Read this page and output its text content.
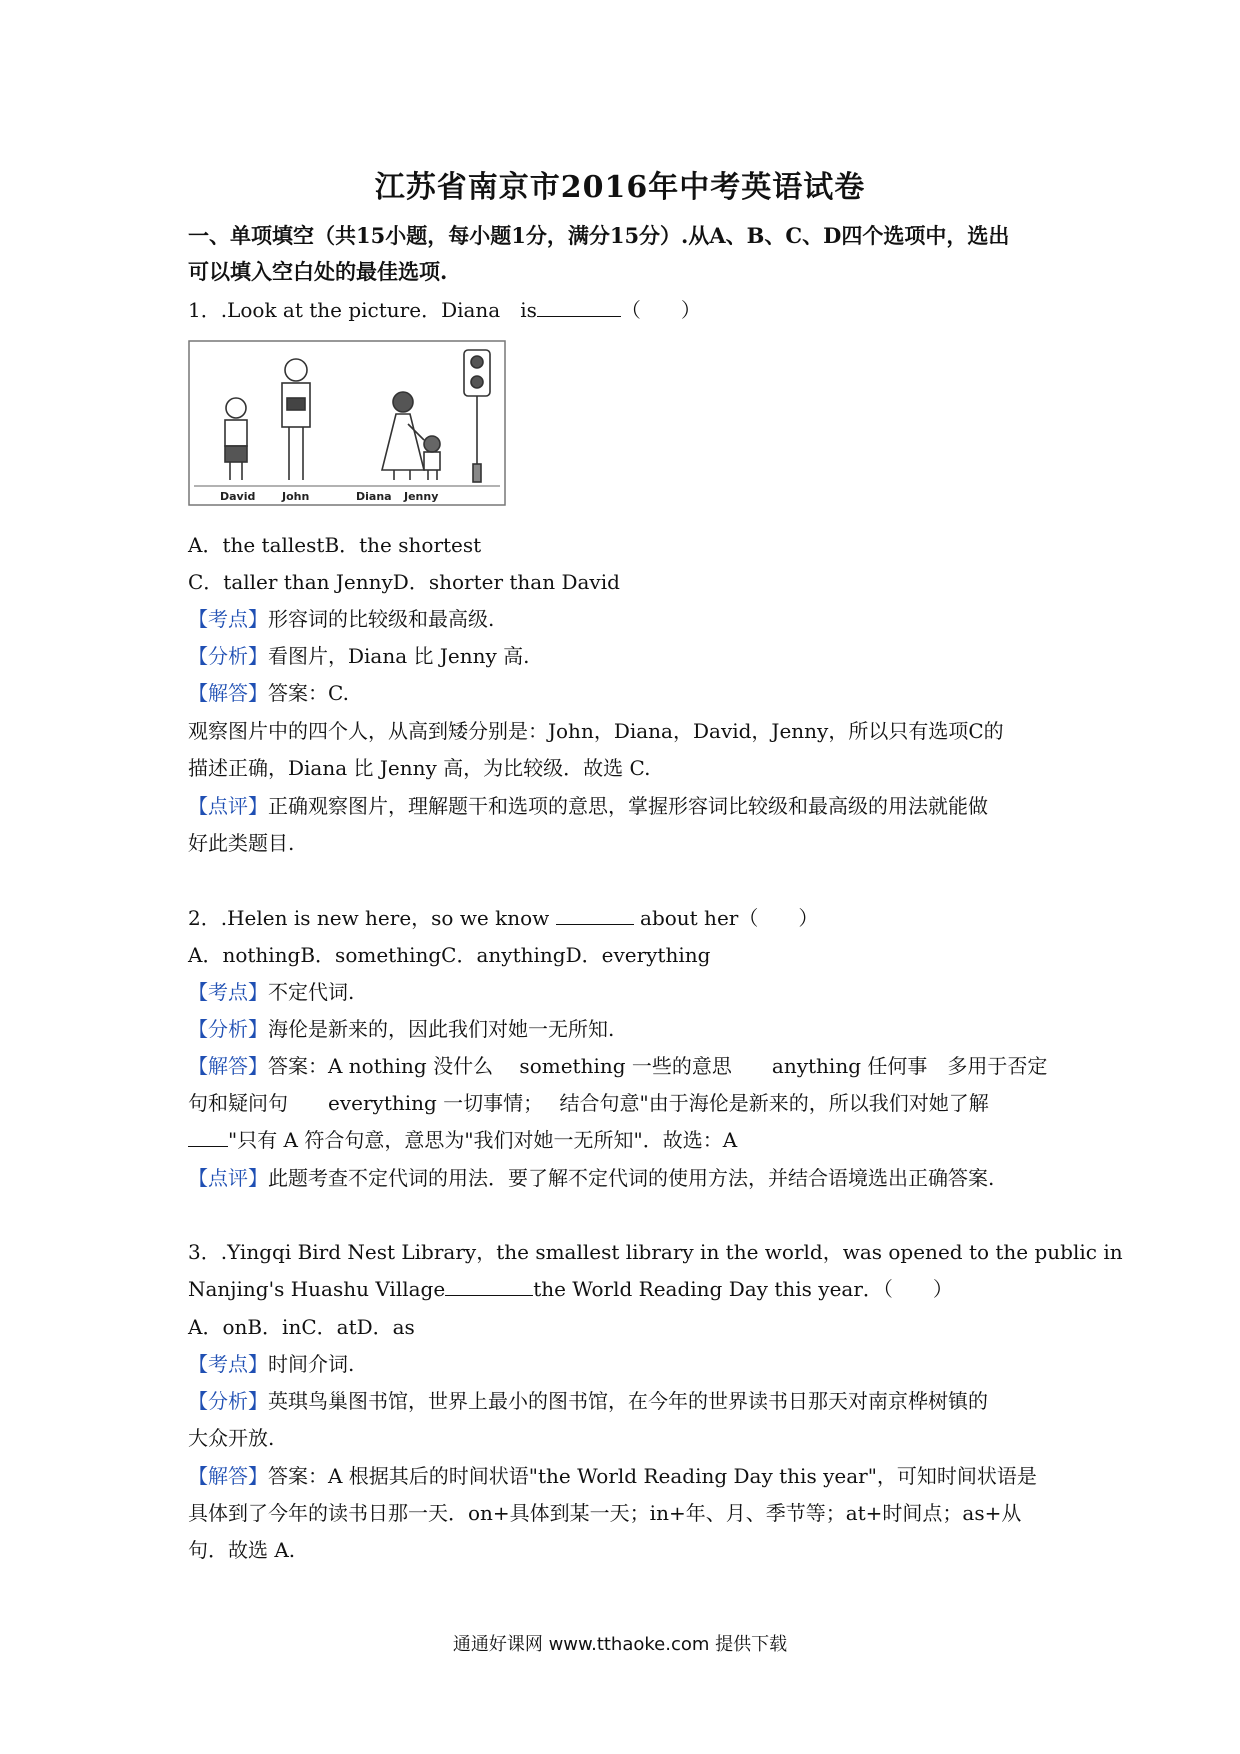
江苏省南京市2016年中考英语试卷
一、单项填空（共15小题，每小题1分，满分15分）.从A、B、C、D四个选项中，选出
可以填入空白处的最佳选项.
1．.Look at the picture．Diana　is	（　　）
David John	Diana Jenny
A．the tallestB．the shortest
C．taller than JennyD．shorter than David
【考点】形容词的比较级和最高级.
【分析】看图片，Diana 比 Jenny 高.
【解答】答案：C.
观察图片中的四个人，从高到矮分别是：John，Diana，David，Jenny，所以只有选项C的
描述正确，Diana 比 Jenny 高，为比较级．故选 C.
【点评】正确观察图片，理解题干和选项的意思，掌握形容词比较级和最高级的用法就能做
好此类题目.
2．.Helen is new here，so we know	about her（　　）
A．nothingB．somethingC．anythingD．everything
【考点】不定代词.
【分析】海伦是新来的，因此我们对她一无所知.
【解答】答案：A nothing 没什么　 something 一些的意思　　anything 任何事　多用于否定
句和疑问句　　everything 一切事情；　 结合句意"由于海伦是新来的，所以我们对她了解
"只有 A 符合句意，意思为"我们对她一无所知"．故选：A
【点评】此题考查不定代词的用法．要了解不定代词的使用方法，并结合语境选出正确答案.
3．.Yingqi Bird Nest Library，the smallest library in the world，was opened to the public in
Nanjing's Huashu Village	the World Reading Day this year．（　　）
A．onB．inC．atD．as
【考点】时间介词.
【分析】英琪鸟巢图书馆，世界上最小的图书馆，在今年的世界读书日那天对南京桦树镇的
大众开放.
【解答】答案：A 根据其后的时间状语"the World Reading Day this year"，可知时间状语是
具体到了今年的读书日那一天．on+具体到某一天；in+年、月、季节等；at+时间点；as+从
句．故选 A.
通通好课网 www.tthaoke.com 提供下载
